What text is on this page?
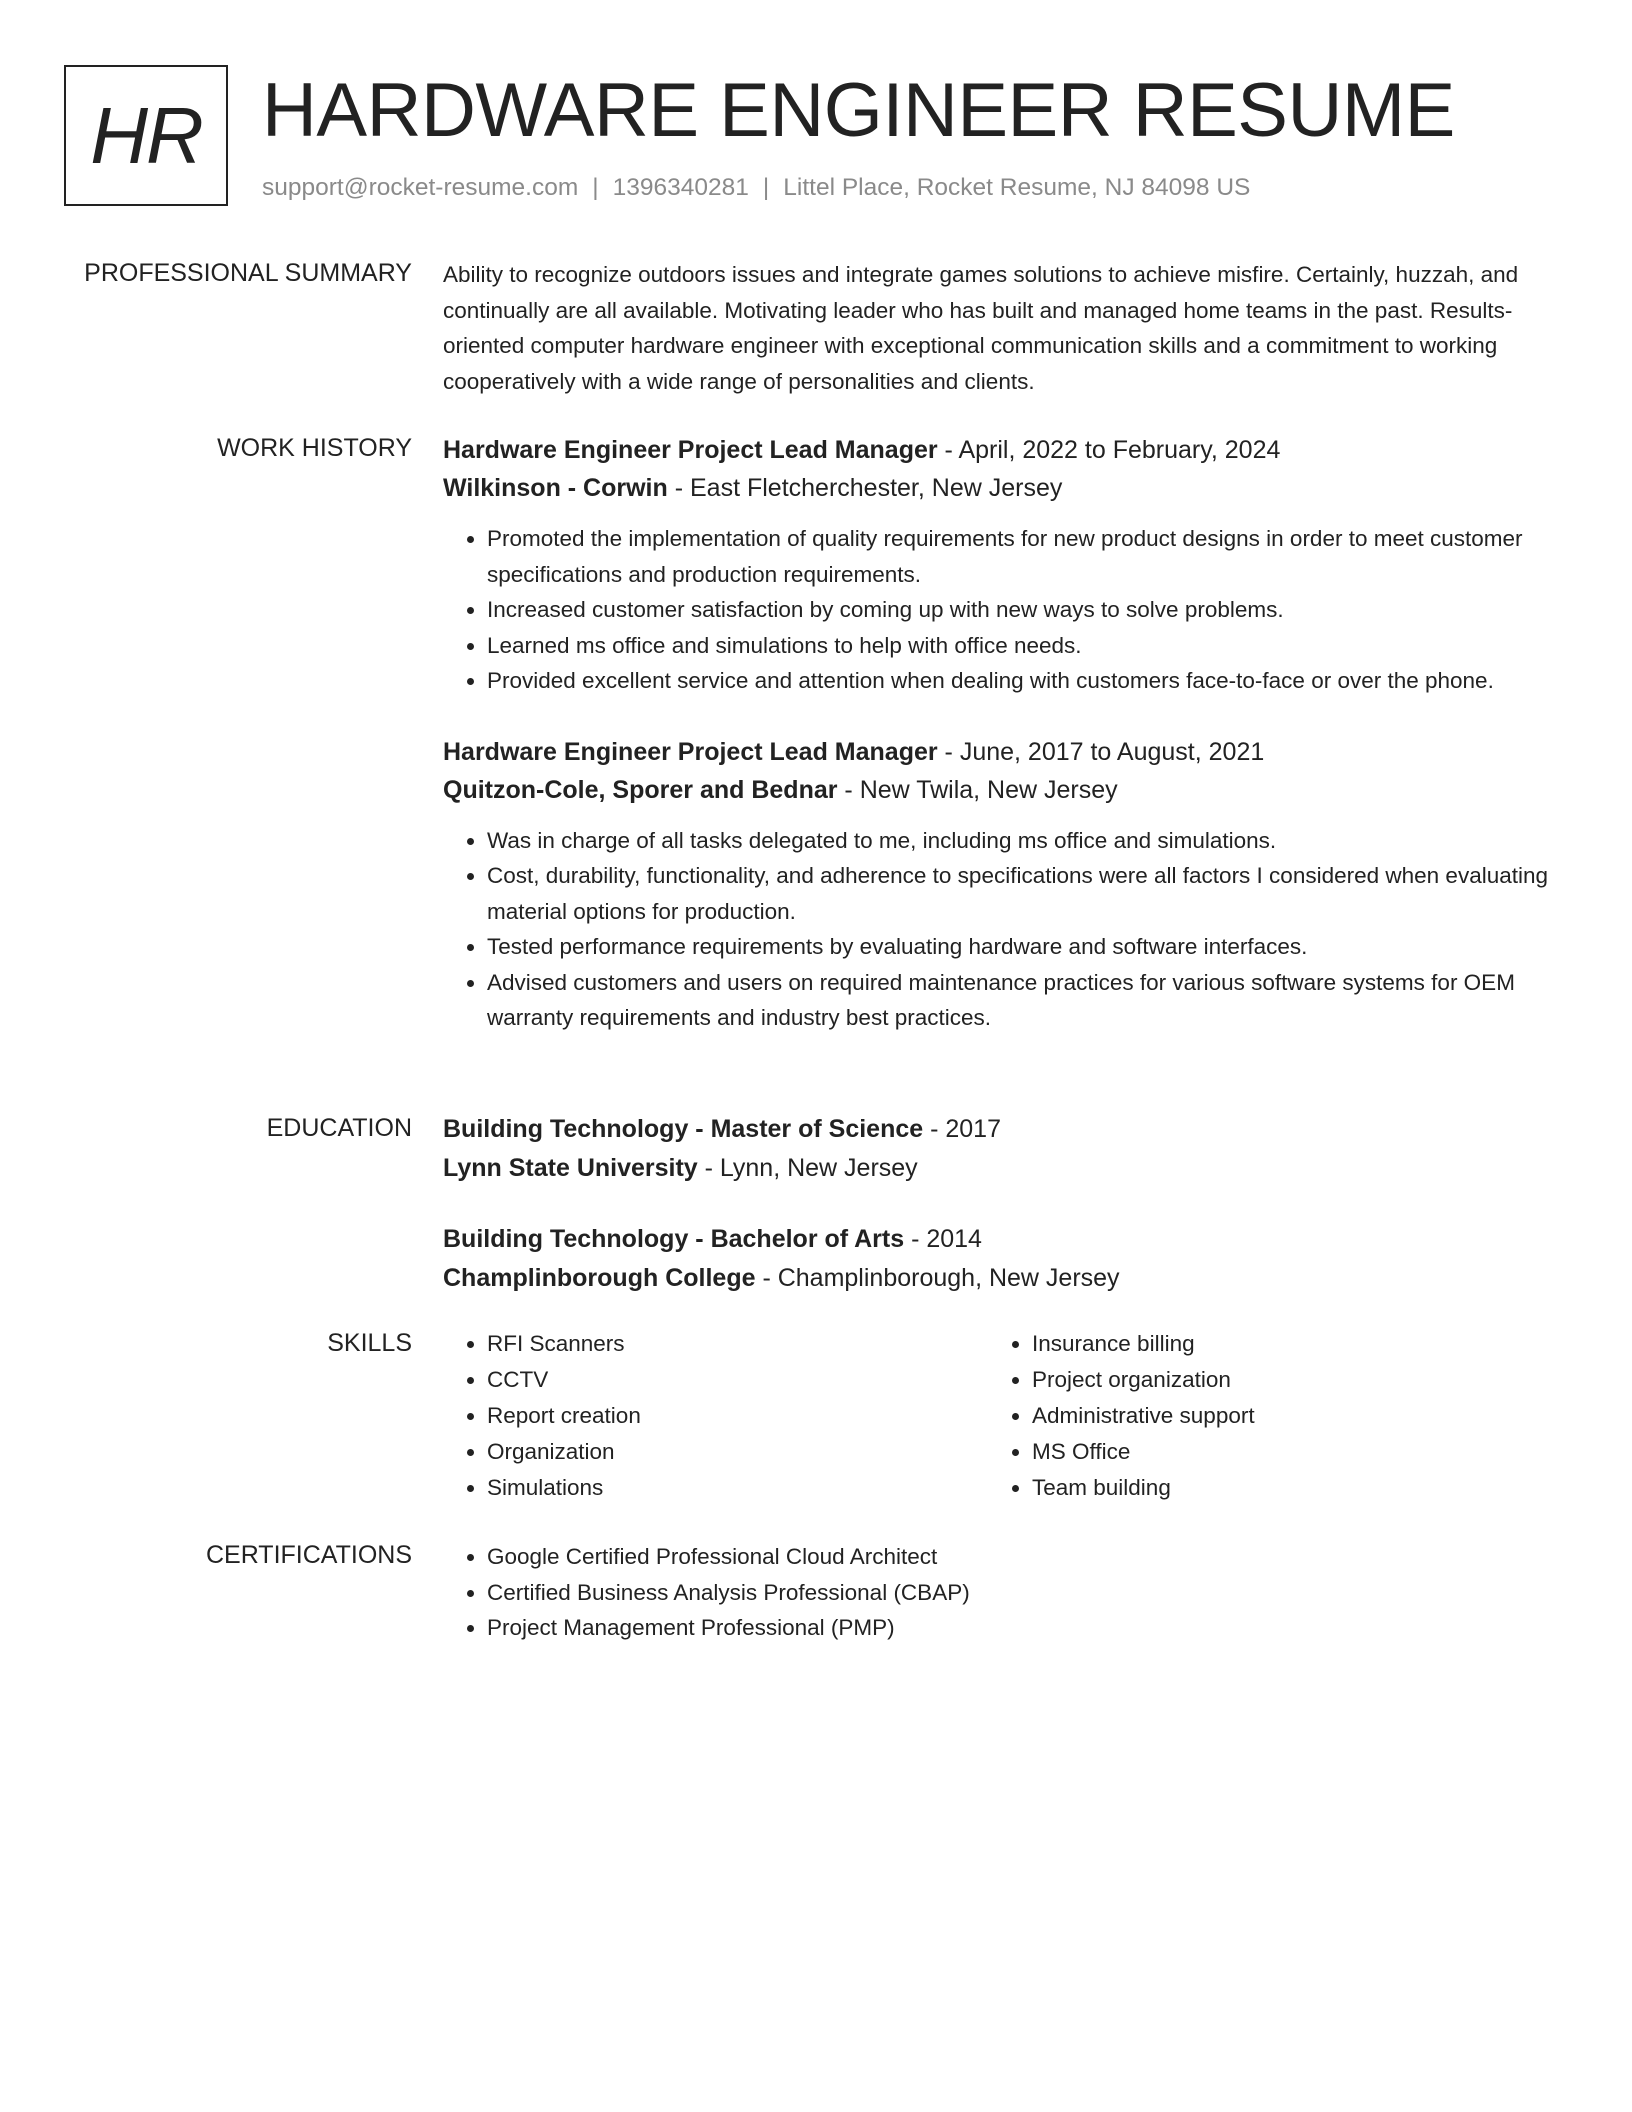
HR HARDWARE ENGINEER RESUME
support@rocket-resume.com | 1396340281 | Littel Place, Rocket Resume, NJ 84098 US
PROFESSIONAL SUMMARY Ability to recognize outdoors issues and integrate games solutions to achieve misfire. Certainly, huzzah, and continually are all available. Motivating leader who has built and managed home teams in the past. Results-oriented computer hardware engineer with exceptional communication skills and a commitment to working cooperatively with a wide range of personalities and clients.

WORK HISTORY Hardware Engineer Project Lead Manager - April, 2022 to February, 2024

Wilkinson - Corwin - East Fletcherchester, New Jersey

• Promoted the implementation of quality requirements for new product designs in order to meet customer specifications and production requirements.
• Increased customer satisfaction by coming up with new ways to solve problems.
• Learned ms office and simulations to help with office needs.
• Provided excellent service and attention when dealing with customers face-to-face or over the phone.

Hardware Engineer Project Lead Manager - June, 2017 to August, 2021

Quitzon-Cole, Sporer and Bednar - New Twila, New Jersey

• Was in charge of all tasks delegated to me, including ms office and simulations.
• Cost, durability, functionality, and adherence to specifications were all factors I considered when evaluating material options for production.
• Tested performance requirements by evaluating hardware and software interfaces.
• Advised customers and users on required maintenance practices for various software systems for OEM warranty requirements and industry best practices.
EDUCATION Building Technology - Master of Science - 2017

Lynn State University - Lynn, New Jersey

Building Technology - Bachelor of Arts - 2014

Champlinborough College - Champlinborough, New Jersey

SKILLS	• RFI Scanners
• CCTV
• Report creation
• Organization
• Simulations
• Insurance billing
• Project organization
• Administrative support
• MS Office
• Team building
CERTIFICATIONS	• Google Certified Professional Cloud Architect
• Certified Business Analysis Professional (CBAP)
• Project Management Professional (PMP)
